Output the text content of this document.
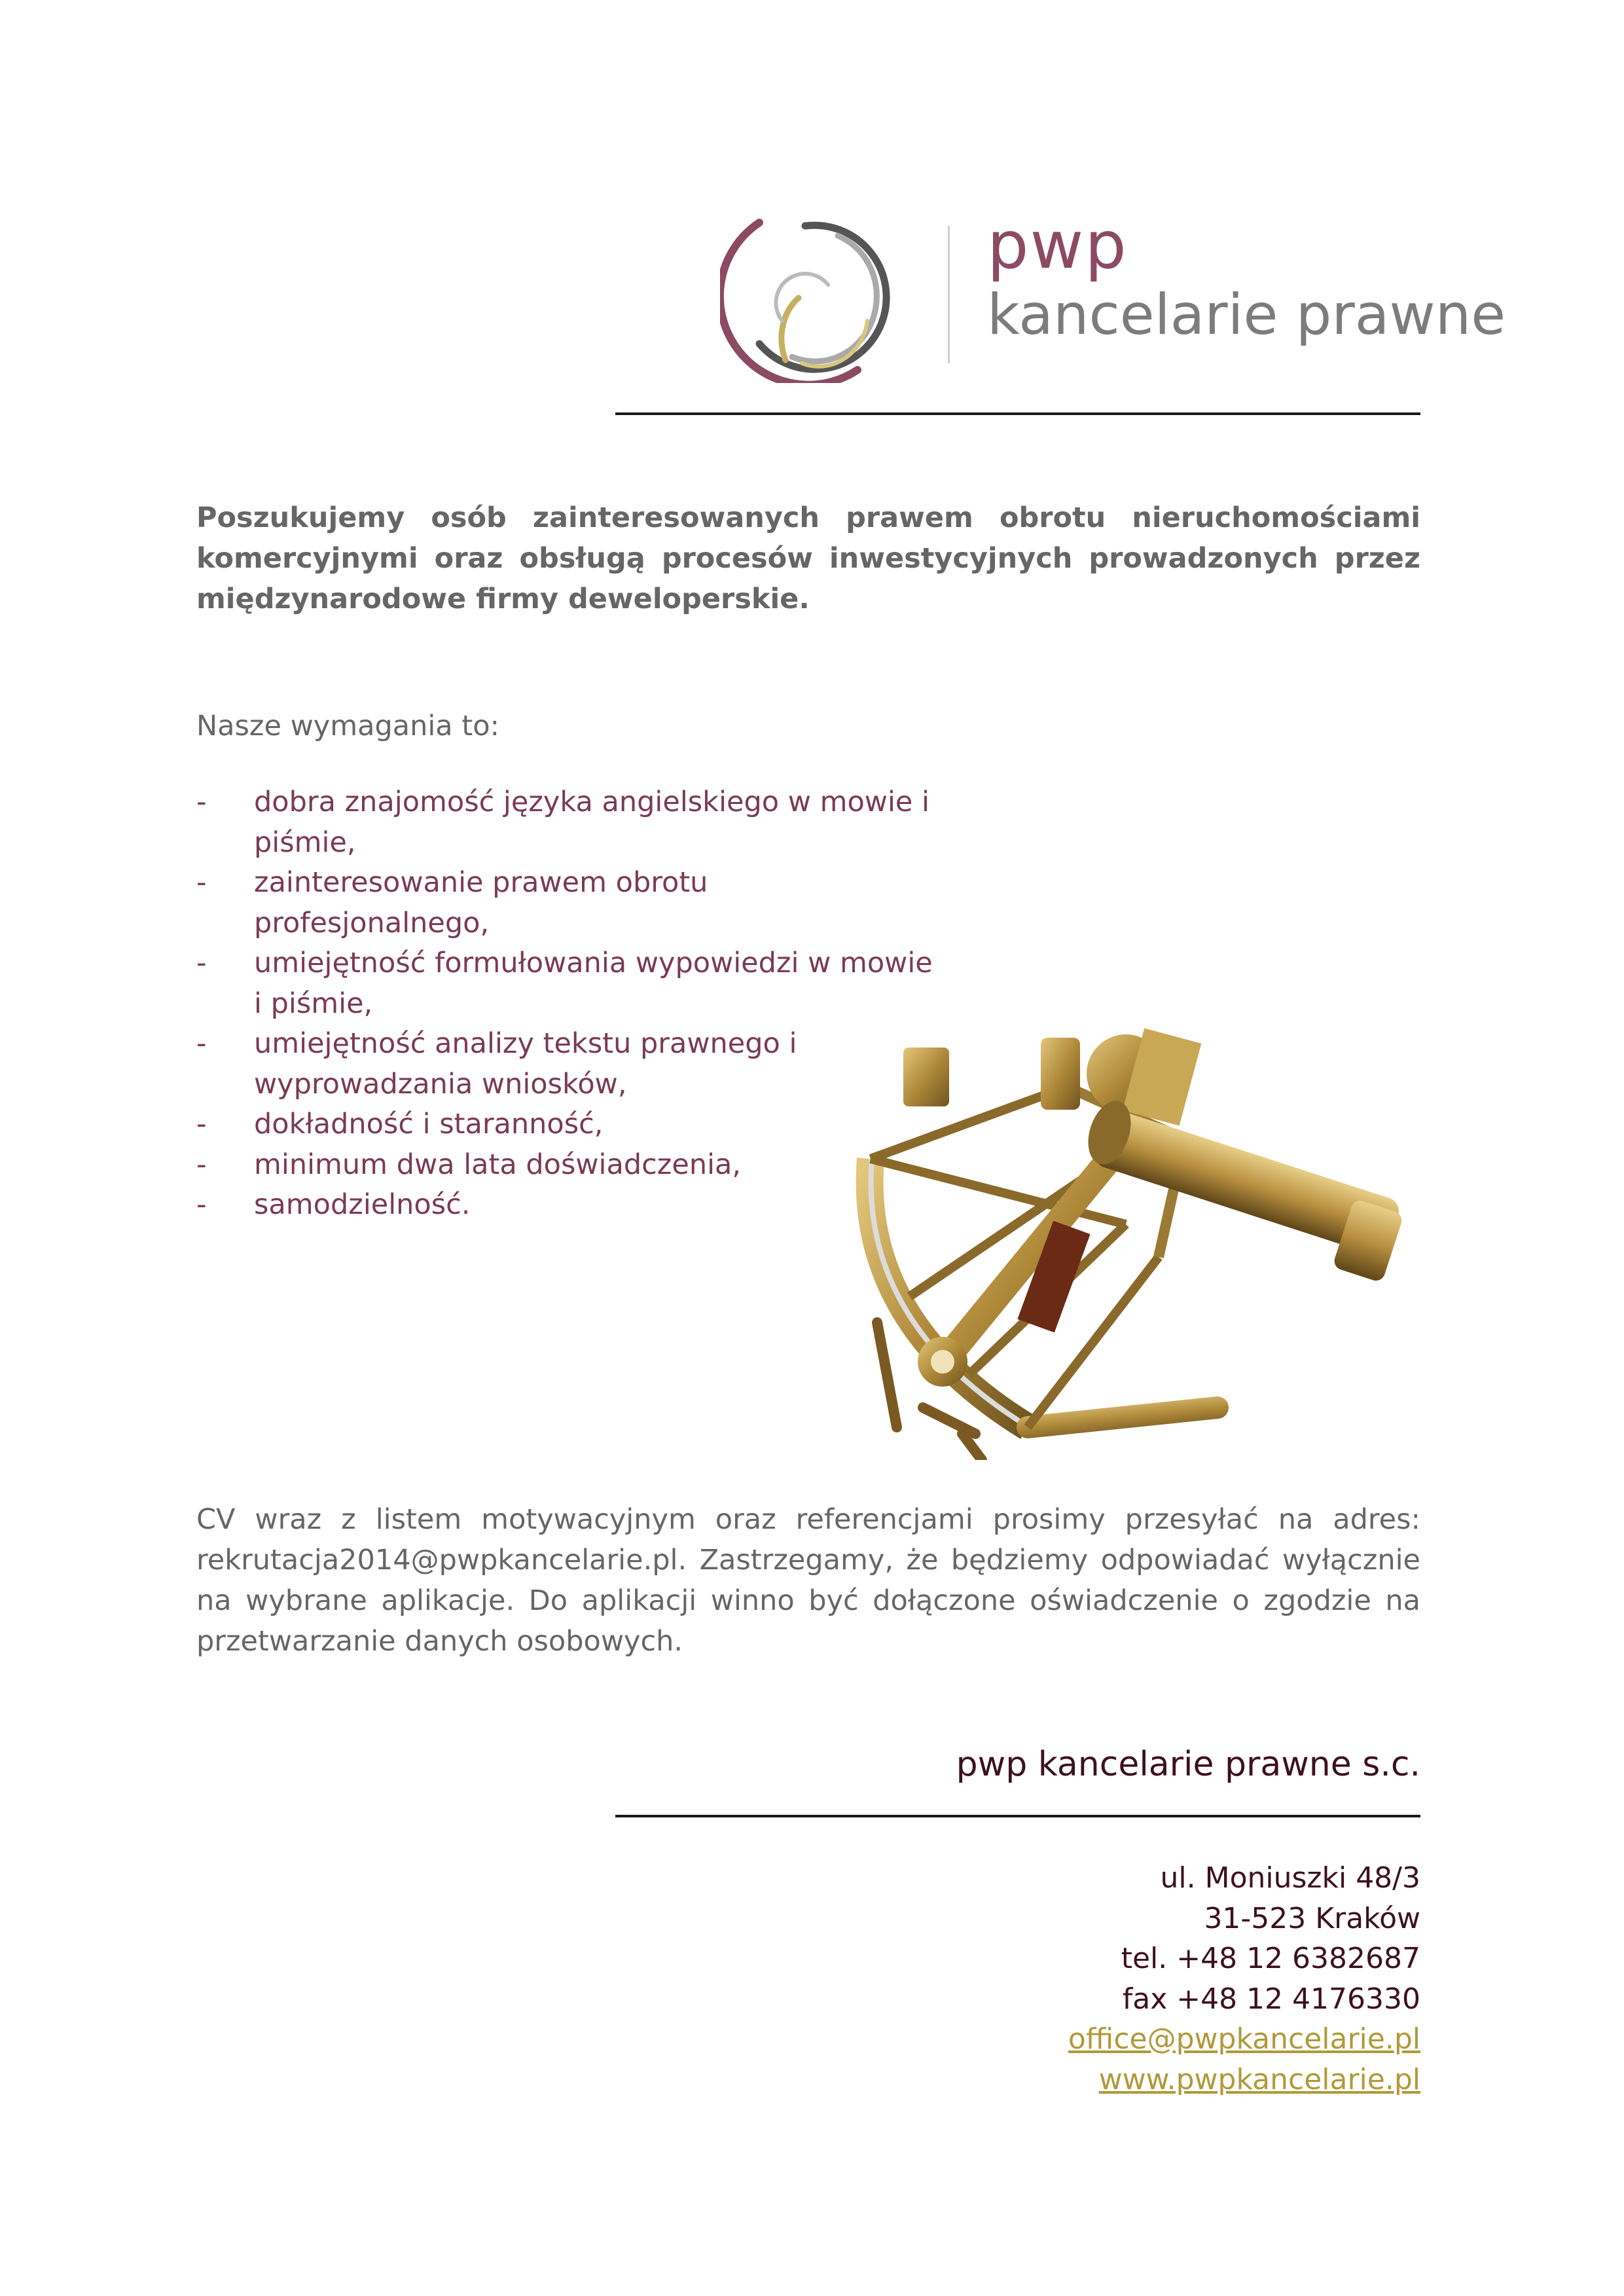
pwp
kancelarie prawne
Poszukujemy osób zainteresowanych prawem obrotu nieruchomościami komercyjnymi oraz obsługą procesów inwestycyjnych prowadzonych przez międzynarodowe firmy deweloperskie.
Nasze wymagania to:
- dobra znajomość języka angielskiego w mowie i piśmie,
- zainteresowanie prawem obrotu profesjonalnego,
- umiejętność formułowania wypowiedzi w mowie i piśmie,
- umiejętność analizy tekstu prawnego i wyprowadzania wniosków,
- dokładność i staranność,
- minimum dwa lata doświadczenia,
- samodzielność.
CV wraz z listem motywacyjnym oraz referencjami prosimy przesyłać na adres: rekrutacja2014@pwpkancelarie.pl. Zastrzegamy, że będziemy odpowiadać wyłącznie na wybrane aplikacje. Do aplikacji winno być dołączone oświadczenie o zgodzie na przetwarzanie danych osobowych.
pwp kancelarie prawne s.c.
ul. Moniuszki 48/3
31-523 Kraków
tel. +48 12 6382687
fax +48 12 4176330
office@pwpkancelarie.pl
www.pwpkancelarie.pl
